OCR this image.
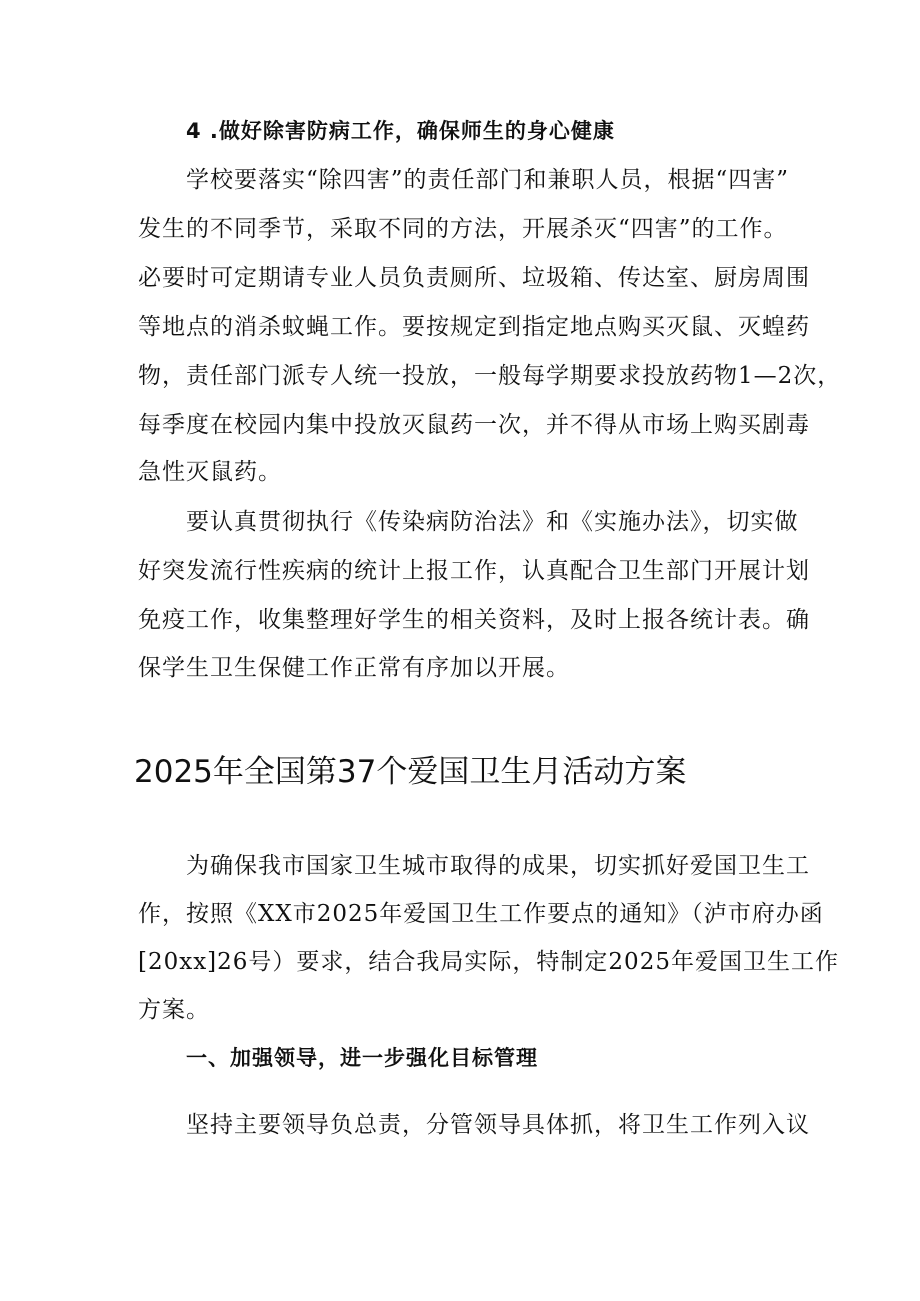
4 .做好除害防病工作，确保师生的身心健康
学校要落实“除四害”的责任部门和兼职人员，根据“四害”
发生的不同季节，采取不同的方法，开展杀灭“四害”的工作。
必要时可定期请专业人员负责厕所、垃圾箱、传达室、厨房周围
等地点的消杀蚊蝇工作。要按规定到指定地点购买灭鼠、灭蝗药
物，责任部门派专人统一投放，一般每学期要求投放药物1—2次，
每季度在校园内集中投放灭鼠药一次，并不得从市场上购买剧毒
急性灭鼠药。
要认真贯彻执行《传染病防治法》和《实施办法》，切实做
好突发流行性疾病的统计上报工作，认真配合卫生部门开展计划
免疫工作，收集整理好学生的相关资料，及时上报各统计表。确
保学生卫生保健工作正常有序加以开展。
2025年全国第37个爱国卫生月活动方案
为确保我市国家卫生城市取得的成果，切实抓好爱国卫生工
作，按照《XX市2025年爱国卫生工作要点的通知》（泸市府办函
[20xx]26号）要求，结合我局实际，特制定2025年爱国卫生工作
方案。
一、加强领导，进一步强化目标管理
坚持主要领导负总责，分管领导具体抓，将卫生工作列入议
